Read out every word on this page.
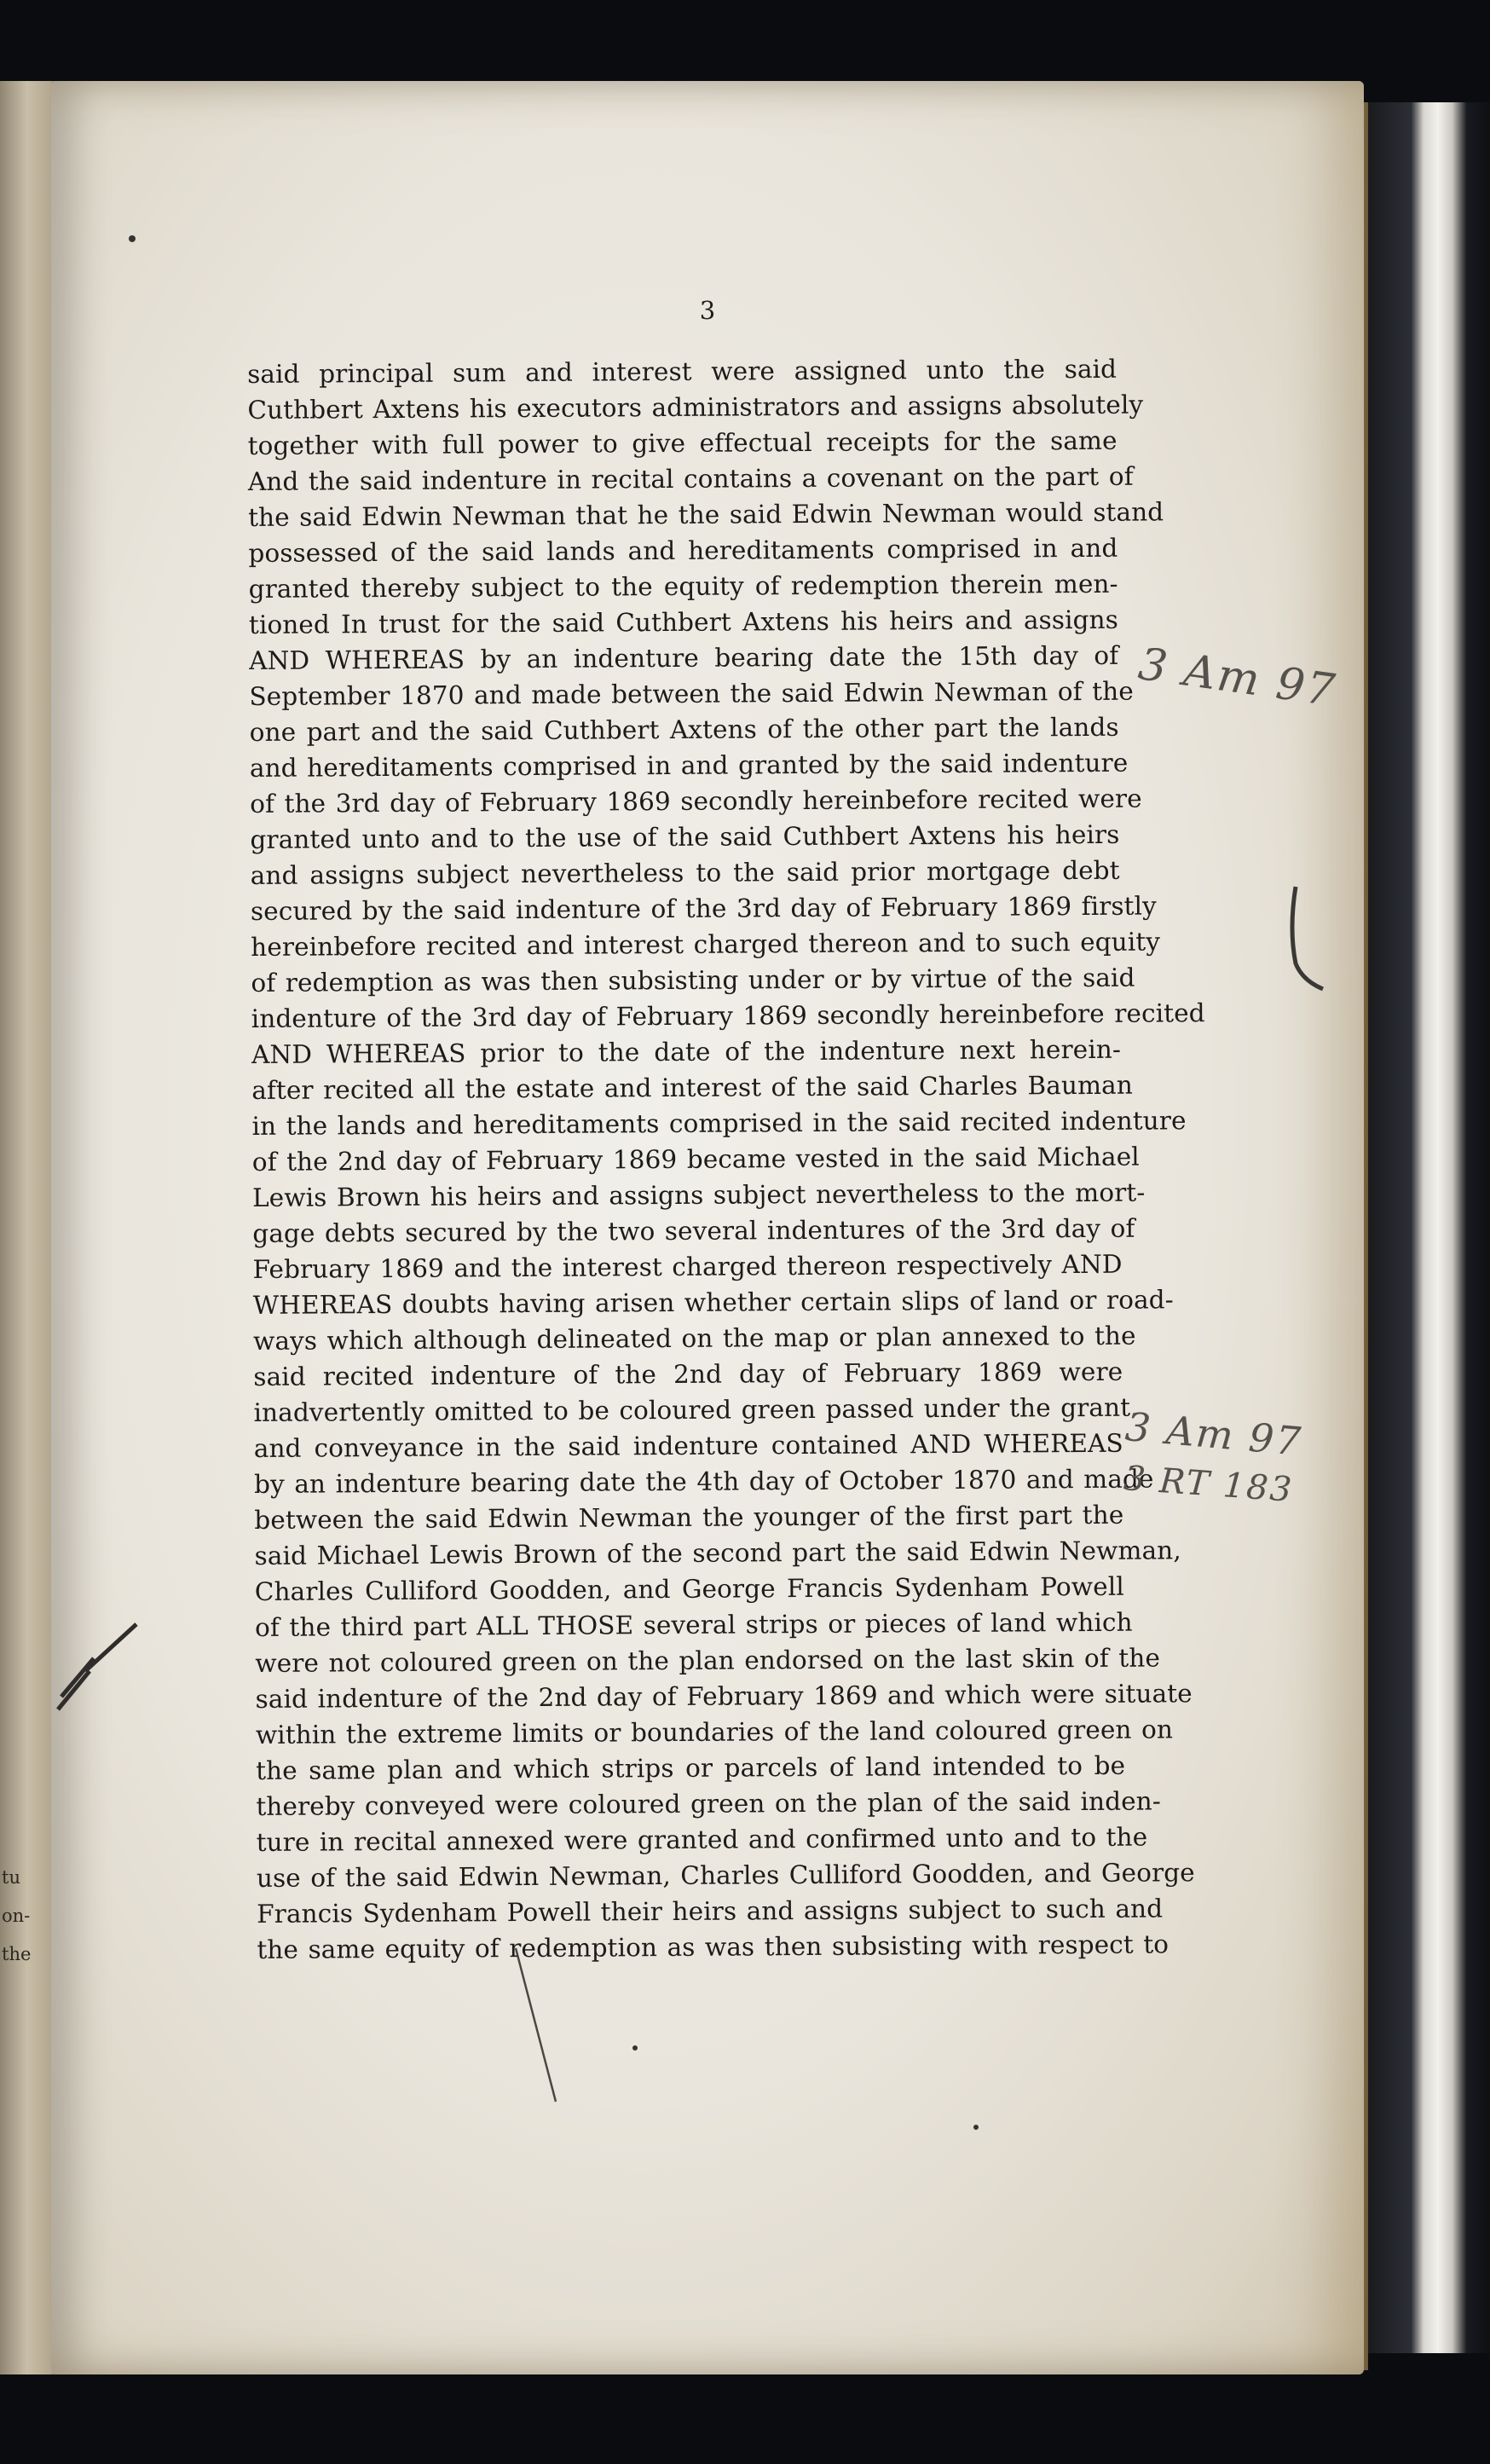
tu
on-
the
3
said principal sum and interest were assigned unto the said
Cuthbert Axtens his executors administrators and assigns absolutely
together with full power to give effectual receipts for the same
And the said indenture in recital contains a covenant on the part of
the said Edwin Newman that he the said Edwin Newman would stand
possessed of the said lands and hereditaments comprised in and
granted thereby subject to the equity of redemption therein men-
tioned In trust for the said Cuthbert Axtens his heirs and assigns
AND WHEREAS by an indenture bearing date the 15th day of
September 1870 and made between the said Edwin Newman of the
one part and the said Cuthbert Axtens of the other part the lands
and hereditaments comprised in and granted by the said indenture
of the 3rd day of February 1869 secondly hereinbefore recited were
granted unto and to the use of the said Cuthbert Axtens his heirs
and assigns subject nevertheless to the said prior mortgage debt
secured by the said indenture of the 3rd day of February 1869 firstly
hereinbefore recited and interest charged thereon and to such equity
of redemption as was then subsisting under or by virtue of the said
indenture of the 3rd day of February 1869 secondly hereinbefore recited
AND WHEREAS prior to the date of the indenture next herein-
after recited all the estate and interest of the said Charles Bauman
in the lands and hereditaments comprised in the said recited indenture
of the 2nd day of February 1869 became vested in the said Michael
Lewis Brown his heirs and assigns subject nevertheless to the mort-
gage debts secured by the two several indentures of the 3rd day of
February 1869 and the interest charged thereon respectively AND
WHEREAS doubts having arisen whether certain slips of land or road-
ways which although delineated on the map or plan annexed to the
said recited indenture of the 2nd day of February 1869 were
inadvertently omitted to be coloured green passed under the grant
and conveyance in the said indenture contained AND WHEREAS
by an indenture bearing date the 4th day of October 1870 and made
between the said Edwin Newman the younger of the first part the
said Michael Lewis Brown of the second part the said Edwin Newman,
Charles Culliford Goodden, and George Francis Sydenham Powell
of the third part ALL THOSE several strips or pieces of land which
were not coloured green on the plan endorsed on the last skin of the
said indenture of the 2nd day of February 1869 and which were situate
within the extreme limits or boundaries of the land coloured green on
the same plan and which strips or parcels of land intended to be
thereby conveyed were coloured green on the plan of the said inden-
ture in recital annexed were granted and confirmed unto and to the
use of the said Edwin Newman, Charles Culliford Goodden, and George
Francis Sydenham Powell their heirs and assigns subject to such and
the same equity of redemption as was then subsisting with respect to
3 Am 97
3 Am 97
3 RT 183
